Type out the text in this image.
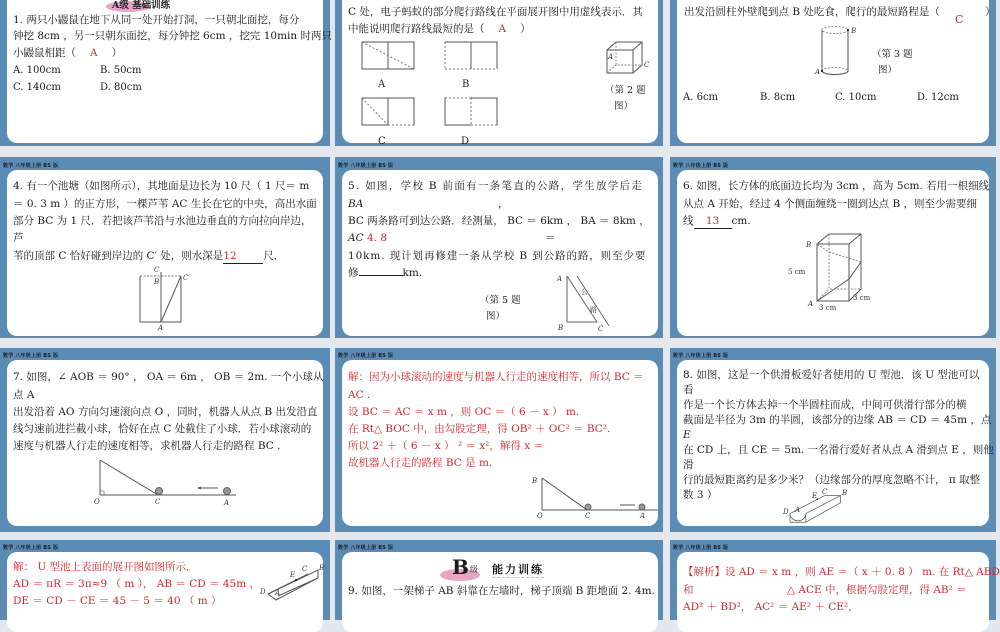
数学 八年级上册 BS 版	数学 八年级上册 BS 版	数学 八年级上册 BS 版
数学 八年级上册 BS 版	数学 八年级上册 BS 版	数学 八年级上册 BS 版
数学 八年级上册 BS 版	数学 八年级上册 BS 版	数学 八年级上册 BS 版
A级 基础训练
1. 两只小鼹鼠在地下从同一处开始打洞，一只朝北面挖，每分
钟挖 8cm ，另一只朝东面挖，每分钟挖 6cm ，挖完 10min 时两只
小鼹鼠相距（ A ）
A. 100cm	B. 50cm
C. 140cm	D. 80cm
C 处，电子蚂蚁的部分爬行路线在平面展开图中用虚线表示．其
中能说明爬行路线最短的是（ A ）
A	B
C	D
A
C
（第 2 题
图）
出发沿圆柱外壁爬到点 B 处吃食，爬行的最短路程是（
C
）
B
A
（第 3 题
图）
A. 6cm	B. 8cm	C. 10cm	D. 12cm
4. 有一个池塘（如图所示），其地面是边长为 10 尺（ 1 尺＝ m
＝ 0. 3 m ）的正方形，一棵芦苇 AC 生长在它的中央，高出水面
部分 BC 为 1 尺．若把该芦苇沿与水池边垂直的方向拉向岸边，
芦
苇的顶部 C 恰好碰到岸边的 C′ 处，则水深是12	尺．
C
B	C′
A
5. 如图，学校 B 前面有一条笔直的公路，学生放学后走
BA	，
BC 两条路可到达公路．经测量， BC ＝ 6km ， BA ＝ 8km ，
AC 4. 8	＝
10km. 现计划再修建一条从学校 B 到公路的路，则至少要
修	km.	A
B	C
公
路
（第 5 题
图）
6. 如图，长方体的底面边长均为 3cm ，高为 5cm. 若用一根细线
从点 A 开始，经过 4 个侧面缠绕一圈到达点 B ，则至少需要细
线 13 cm.
B
A
5 cm
3 cm
3 cm
7. 如图，∠ AOB ＝ 90° ， OA ＝ 6m ， OB ＝ 2m. 一个小球从
点 A
出发沿着 AO 方向匀速滚向点 O ，同时，机器人从点 B 出发沿直
线匀速前进拦截小球，恰好在点 C 处截住了小球．若小球滚动的
速度与机器人行走的速度相等，求机器人行走的路程 BC .
O	C	A
解：因为小球滚动的速度与机器人行走的速度相等，所以 BC ＝
AC .
设 BC ＝ AC ＝ x m ，则 OC ＝（ 6 － x ） m.
在 Rt△ BOC 中，由勾股定理，得 OB² ＋ OC² ＝ BC².
所以 2² ＋（ 6 － x ） ² ＝ x²，解得 x ＝
故机器人行走的路程 BC 是 m.
B
O	C	A
8. 如图，这是一个供滑板爱好者使用的 U 型池．该 U 型池可以
看
作是一个长方体去掉一个半圆柱而成，中间可供滑行部分的横
截面是半径为 3m 的半圆，该部分的边缘 AB ＝ CD ＝ 45m ，点
E
在 CD 上，且 CE ＝ 5m. 一名滑行爱好者从点 A 滑到点 E ，则他
滑
行的最短距离约是多少米？（边缘部分的厚度忽略不计， π 取整
数 3 ）	E C B
A
D
解： U 型池上表面的展开图如图所示．
AD ＝ πR ＝ 3π≈9 （ m ）， AB ＝ CD ＝ 45m ，
DE ＝ CD － CE ＝ 45 － 5 ＝ 40 （ m ）
E
C B
D A
B 级 能力训练
9. 如图，一架梯子 AB 斜靠在左墙时，梯子顶端 B 距地面 2. 4m.
【解析】设 AD ＝ x m ，则 AE ＝（ x ＋ 0. 8 ） m. 在 Rt△ ABD
和                            △ ACE 中，根据勾股定理，得 AB² ＝
AD² ＋ BD²， AC² ＝ AE² ＋ CE²，
